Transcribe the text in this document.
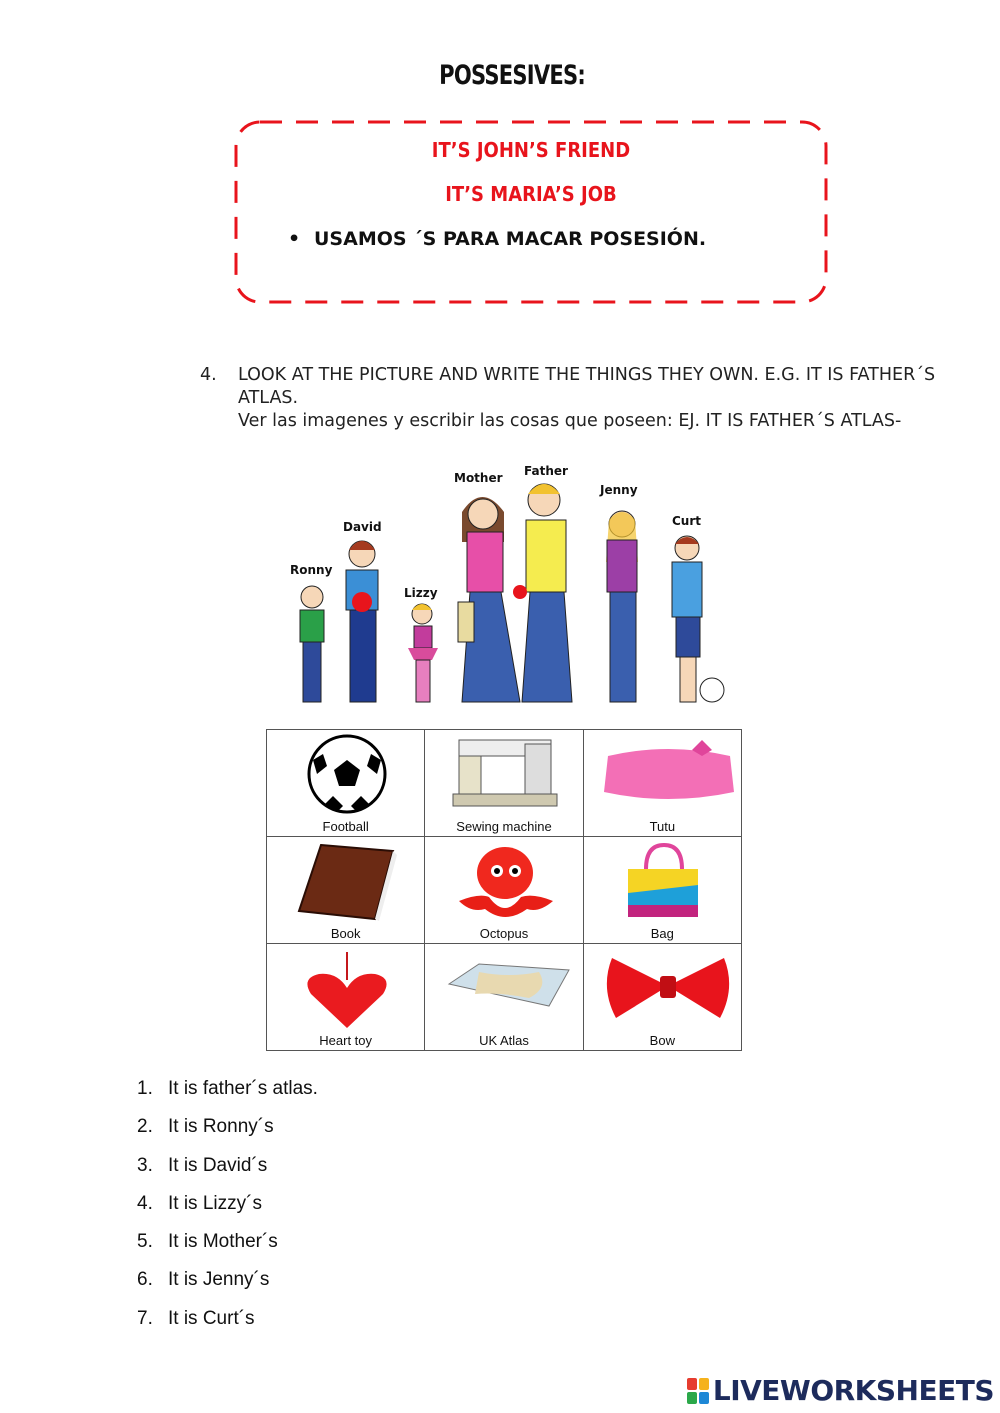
POSSESIVES:
IT’S JOHN’S FRIEND
IT’S MARIA’S JOB
• USAMOS ´S PARA MACAR POSESIÓN.
4. LOOK AT THE PICTURE AND WRITE THE THINGS THEY OWN. E.G. IT IS FATHER´S ATLAS.
Ver las imagenes y escribir las cosas que poseen: EJ. IT IS FATHER´S ATLAS-
Ronny
David
Lizzy
Mother Father
Jenny
Curt
Football	Sewing machine	Tutu

Book	Octopus	Bag

Heart toy	UK Atlas	Bow
1. It is father´s atlas.
2. It is Ronny´s
3. It is David´s
4. It is Lizzy´s
5. It is Mother´s
6. It is Jenny´s
7. It is Curt´s
LIVEWORKSHEETS
